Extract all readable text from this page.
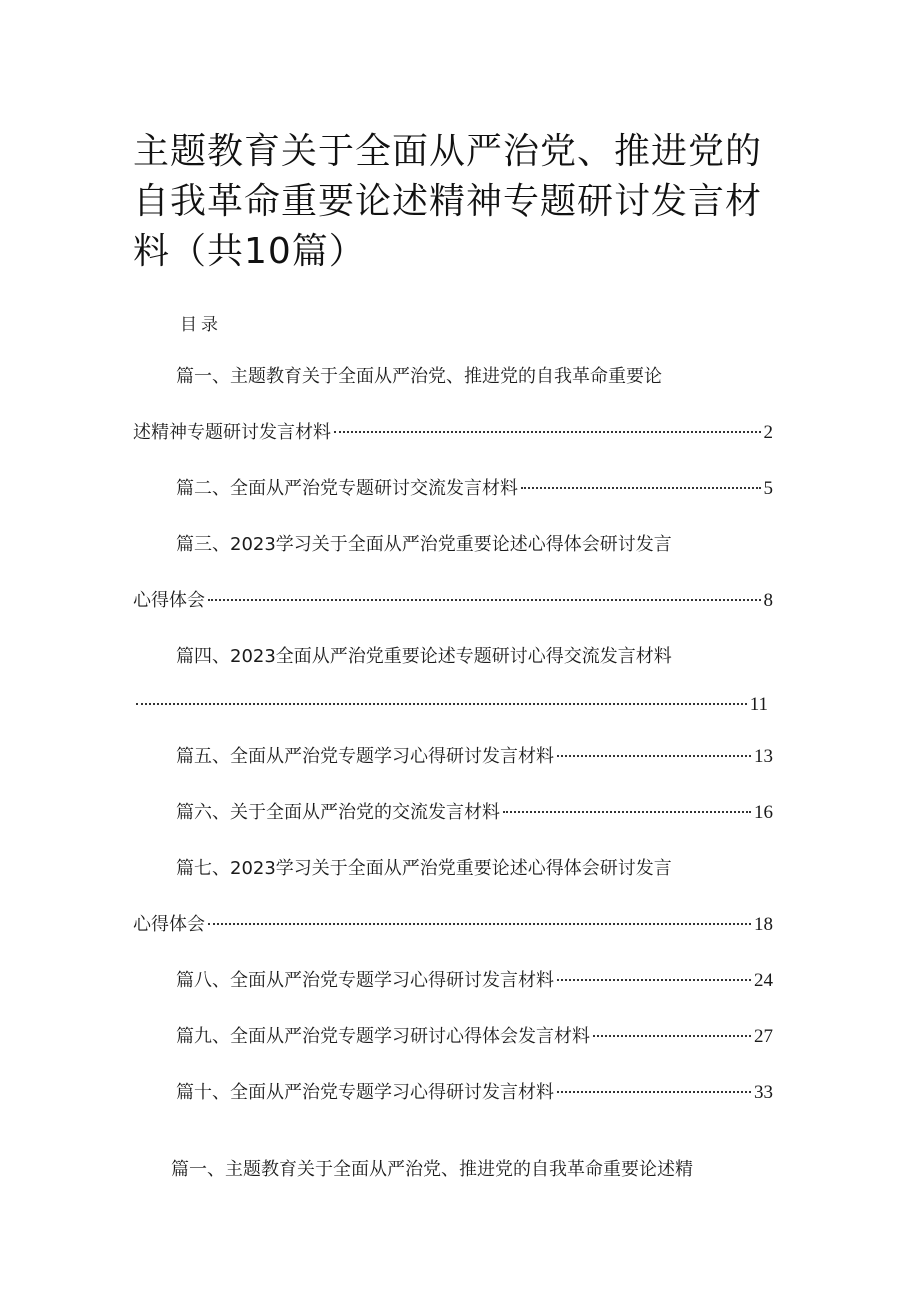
主题教育关于全面从严治党、推进党的自我革命重要论述精神专题研讨发言材料（共10篇）
目录
篇一、主题教育关于全面从严治党、推进党的自我革命重要论
述精神专题研讨发言材料	2
篇二、全面从严治党专题研讨交流发言材料	5
篇三、2023学习关于全面从严治党重要论述心得体会研讨发言
心得体会	8
篇四、2023全面从严治党重要论述专题研讨心得交流发言材料
11
篇五、全面从严治党专题学习心得研讨发言材料	13
篇六、关于全面从严治党的交流发言材料	16
篇七、2023学习关于全面从严治党重要论述心得体会研讨发言
心得体会	18
篇八、全面从严治党专题学习心得研讨发言材料	24
篇九、全面从严治党专题学习研讨心得体会发言材料	27
篇十、全面从严治党专题学习心得研讨发言材料	33
篇一、主题教育关于全面从严治党、推进党的自我革命重要论述精
